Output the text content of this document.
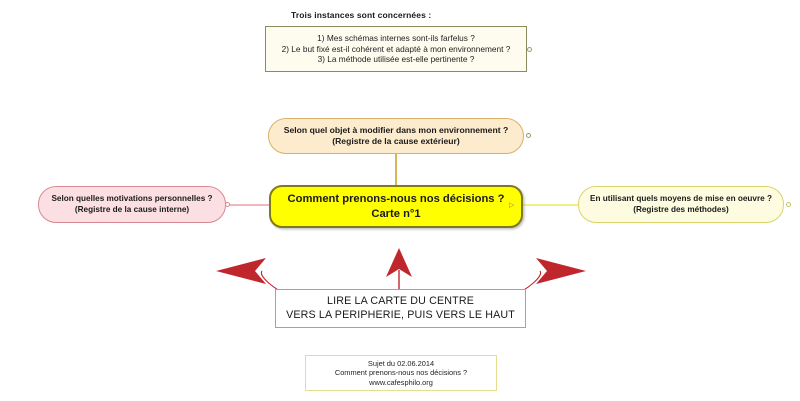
Trois instances sont concernées :
1) Mes schémas internes sont-ils farfelus ?
2) Le but fixé est-il cohérent et adapté à mon environnement ?
3) La méthode utilisée est-elle pertinente ?
Selon quel objet à modifier dans mon environnement ?
(Registre de la cause extérieur)
Comment prenons-nous nos décisions ?
Carte n°1
▷
Selon quelles motivations personnelles ?
(Registre de la cause interne)
En utilisant quels moyens de mise en oeuvre ?
(Registre des méthodes)
LIRE LA CARTE DU CENTRE
VERS LA PERIPHERIE, PUIS VERS LE HAUT
Sujet du 02.06.2014
Comment prenons-nous nos décisions ?
www.cafesphilo.org
